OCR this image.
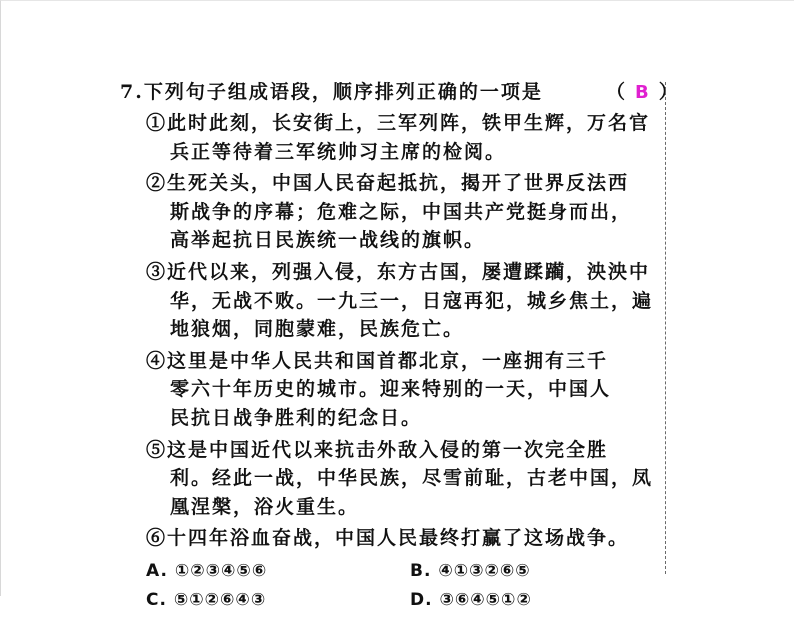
7.下列句子组成语段，顺序排列正确的一项是	（ B ）
①此时此刻，长安街上，三军列阵，铁甲生辉，万名官
兵正等待着三军统帅习主席的检阅。
②生死关头，中国人民奋起抵抗，揭开了世界反法西
斯战争的序幕；危难之际，中国共产党挺身而出，
高举起抗日民族统一战线的旗帜。
③近代以来，列强入侵，东方古国，屡遭蹂躏，泱泱中
华，无战不败。一九三一，日寇再犯，城乡焦土，遍
地狼烟，同胞蒙难，民族危亡。
④这里是中华人民共和国首都北京，一座拥有三千
零六十年历史的城市。迎来特别的一天，中国人
民抗日战争胜利的纪念日。
⑤这是中国近代以来抗击外敌入侵的第一次完全胜
利。经此一战，中华民族，尽雪前耻，古老中国，凤
凰涅槃，浴火重生。
⑥十四年浴血奋战，中国人民最终打赢了这场战争。
A. ①②③④⑤⑥	B. ④①③②⑥⑤
C. ⑤①②⑥④③	D. ③⑥④⑤①②
